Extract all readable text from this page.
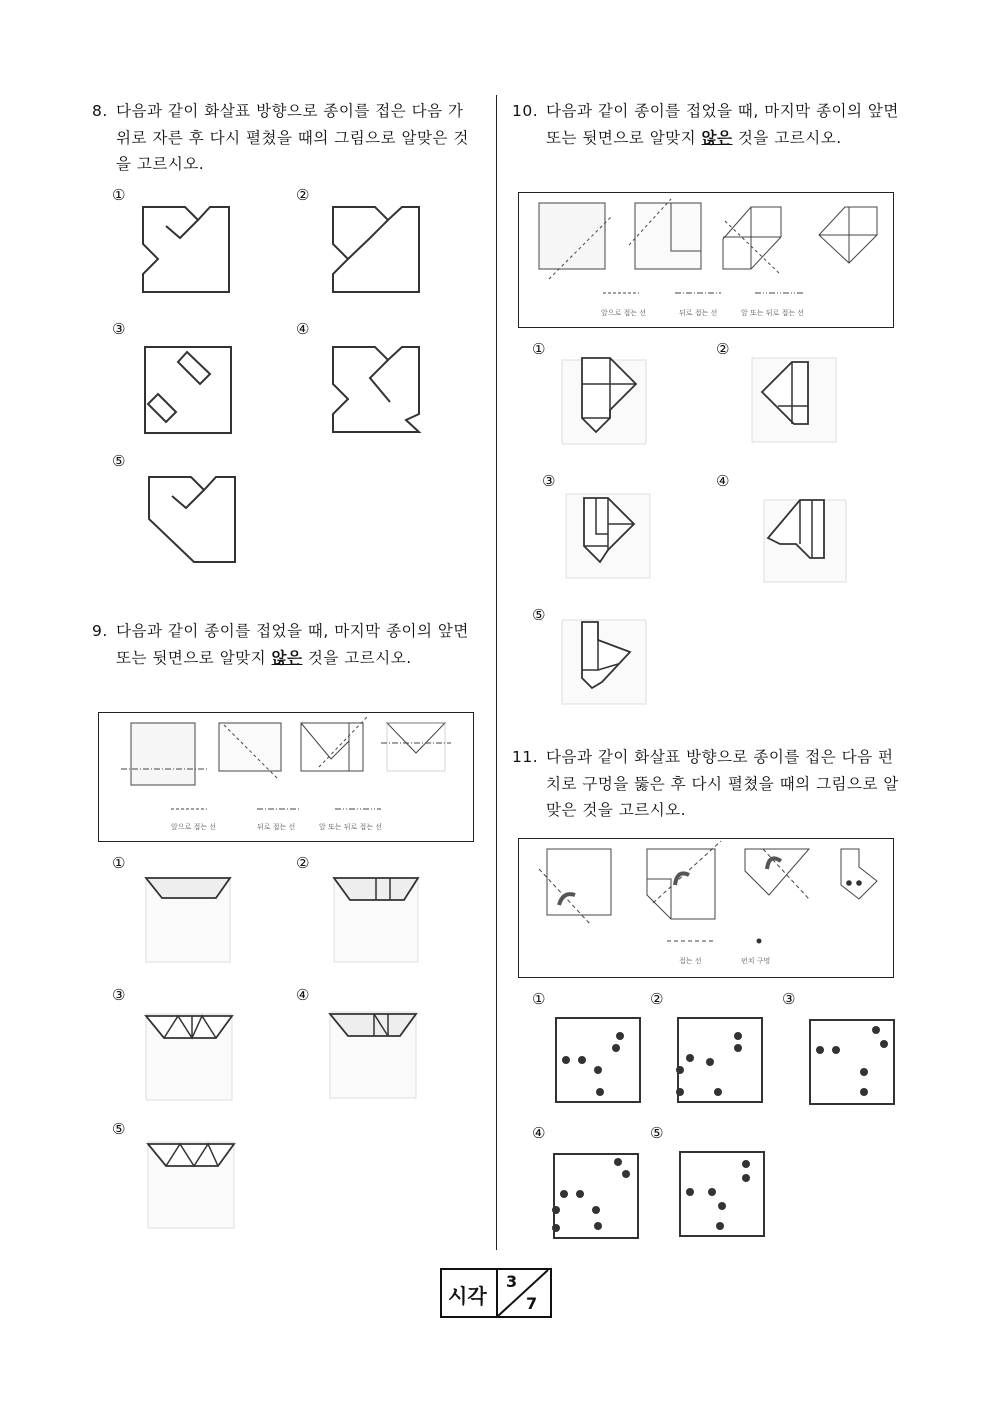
8. 다음과 같이 화살표 방향으로 종이를 접은 다음 가위로 자른 후 다시 펼쳤을 때의 그림으로 알맞은 것을 고르시오.
①	②
③	④
⑤
9. 다음과 같이 종이를 접었을 때, 마지막 종이의 앞면 또는 뒷면으로 알맞지 않은 것을 고르시오.
앞으로 접는 선	뒤로 접는 선	앞 또는 뒤로 접는 선
①	②
③	④
⑤
10. 다음과 같이 종이를 접었을 때, 마지막 종이의 앞면 또는 뒷면으로 알맞지 않은 것을 고르시오.
앞으로 접는 선	뒤로 접는 선	앞 또는 뒤로 접는 선
①	②
③	④
⑤
11. 다음과 같이 화살표 방향으로 종이를 접은 다음 펀치로 구멍을 뚫은 후 다시 펼쳤을 때의 그림으로 알맞은 것을 고르시오.
접는 선	펀치 구멍
①	②	③
④	⑤
시각
3
7
